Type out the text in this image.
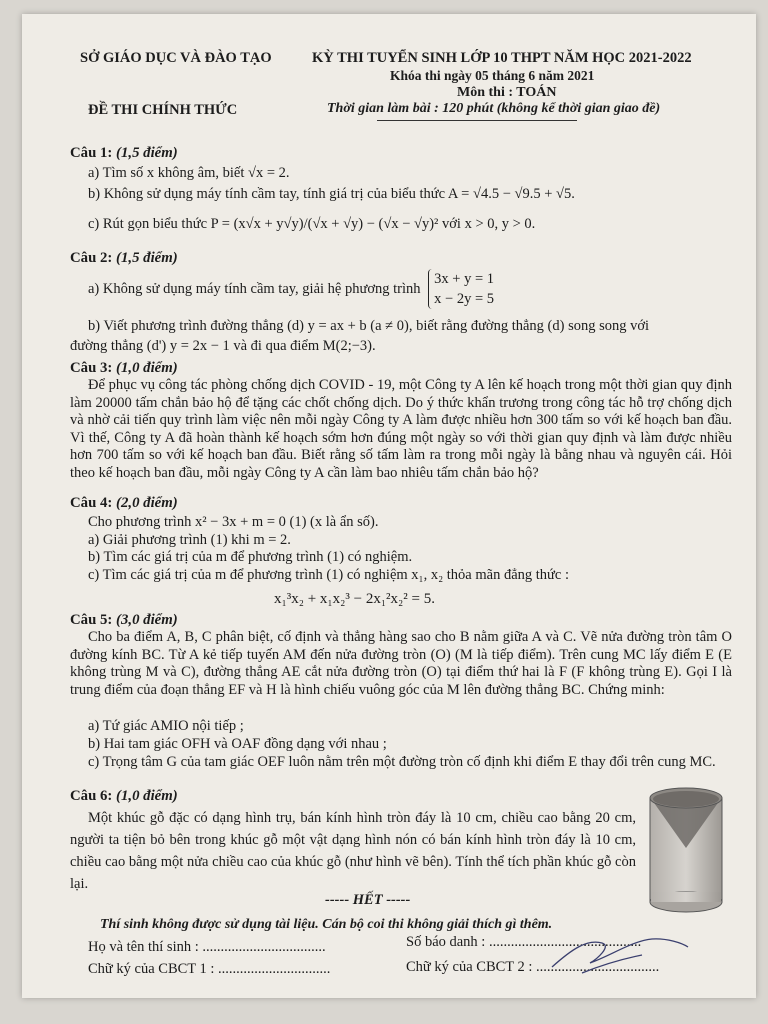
SỞ GIÁO DỤC VÀ ĐÀO TẠO	KỲ THI TUYỂN SINH LỚP 10 THPT NĂM HỌC 2021-2022
Khóa thi ngày 05 tháng 6 năm 2021
Môn thi : TOÁN
ĐỀ THI CHÍNH THỨC	Thời gian làm bài : 120 phút (không kể thời gian giao đề)
Câu 1: (1,5 điểm)
a) Tìm số x không âm, biết √x = 2.
b) Không sử dụng máy tính cầm tay, tính giá trị của biểu thức A = √4.5 − √9.5 + √5.
c) Rút gọn biểu thức P = (x√x + y√y)/(√x + √y) − (√x − √y)² với x > 0, y > 0.
Câu 2: (1,5 điểm)
a) Không sử dụng máy tính cầm tay, giải hệ phương trình
3x + y = 1
x − 2y = 5
b) Viết phương trình đường thẳng (d) y = ax + b (a ≠ 0), biết rằng đường thẳng (d) song song với
đường thẳng (d') y = 2x − 1 và đi qua điểm M(2;−3).
Câu 3: (1,0 điểm)
Để phục vụ công tác phòng chống dịch COVID - 19, một Công ty A lên kế hoạch trong một thời gian quy định làm 20000 tấm chắn bảo hộ để tặng các chốt chống dịch. Do ý thức khẩn trương trong công tác hỗ trợ chống dịch và nhờ cải tiến quy trình làm việc nên mỗi ngày Công ty A làm được nhiều hơn 300 tấm so với kế hoạch ban đầu. Vì thế, Công ty A đã hoàn thành kế hoạch sớm hơn đúng một ngày so với thời gian quy định và làm được nhiều hơn 700 tấm so với kế hoạch ban đầu. Biết rằng số tấm làm ra trong mỗi ngày là bằng nhau và nguyên cái. Hỏi theo kế hoạch ban đầu, mỗi ngày Công ty A cần làm bao nhiêu tấm chắn bảo hộ?
Câu 4: (2,0 điểm)
Cho phương trình x² − 3x + m = 0 (1) (x là ẩn số).
a) Giải phương trình (1) khi m = 2.
b) Tìm các giá trị của m để phương trình (1) có nghiệm.
c) Tìm các giá trị của m để phương trình (1) có nghiệm x₁, x₂ thỏa mãn đẳng thức :
x₁³x₂ + x₁x₂³ − 2x₁²x₂² = 5.
Câu 5: (3,0 điểm)
Cho ba điểm A, B, C phân biệt, cố định và thẳng hàng sao cho B nằm giữa A và C. Vẽ nửa đường tròn tâm O đường kính BC. Từ A kẻ tiếp tuyến AM đến nửa đường tròn (O) (M là tiếp điểm). Trên cung MC lấy điểm E (E không trùng M và C), đường thẳng AE cắt nửa đường tròn (O) tại điểm thứ hai là F (F không trùng E). Gọi I là trung điểm của đoạn thẳng EF và H là hình chiếu vuông góc của M lên đường thẳng BC. Chứng minh:
a) Tứ giác AMIO nội tiếp ;
b) Hai tam giác OFH và OAF đồng dạng với nhau ;
c) Trọng tâm G của tam giác OEF luôn nằm trên một đường tròn cố định khi điểm E thay đổi trên cung MC.
Câu 6: (1,0 điểm)
Một khúc gỗ đặc có dạng hình trụ, bán kính hình tròn đáy là 10 cm, chiều cao bằng 20 cm, người ta tiện bỏ bên trong khúc gỗ một vật dạng hình nón có bán kính hình tròn đáy là 10 cm, chiều cao bằng một nửa chiều cao của khúc gỗ (như hình vẽ bên). Tính thể tích phần khúc gỗ còn lại.
----- HẾT -----
Thí sinh không được sử dụng tài liệu. Cán bộ coi thi không giải thích gì thêm.
Họ và tên thí sinh : ..................................	Số báo danh : ..........................................
Chữ ký của CBCT 1 : ...............................	Chữ ký của CBCT 2 : ..................................
